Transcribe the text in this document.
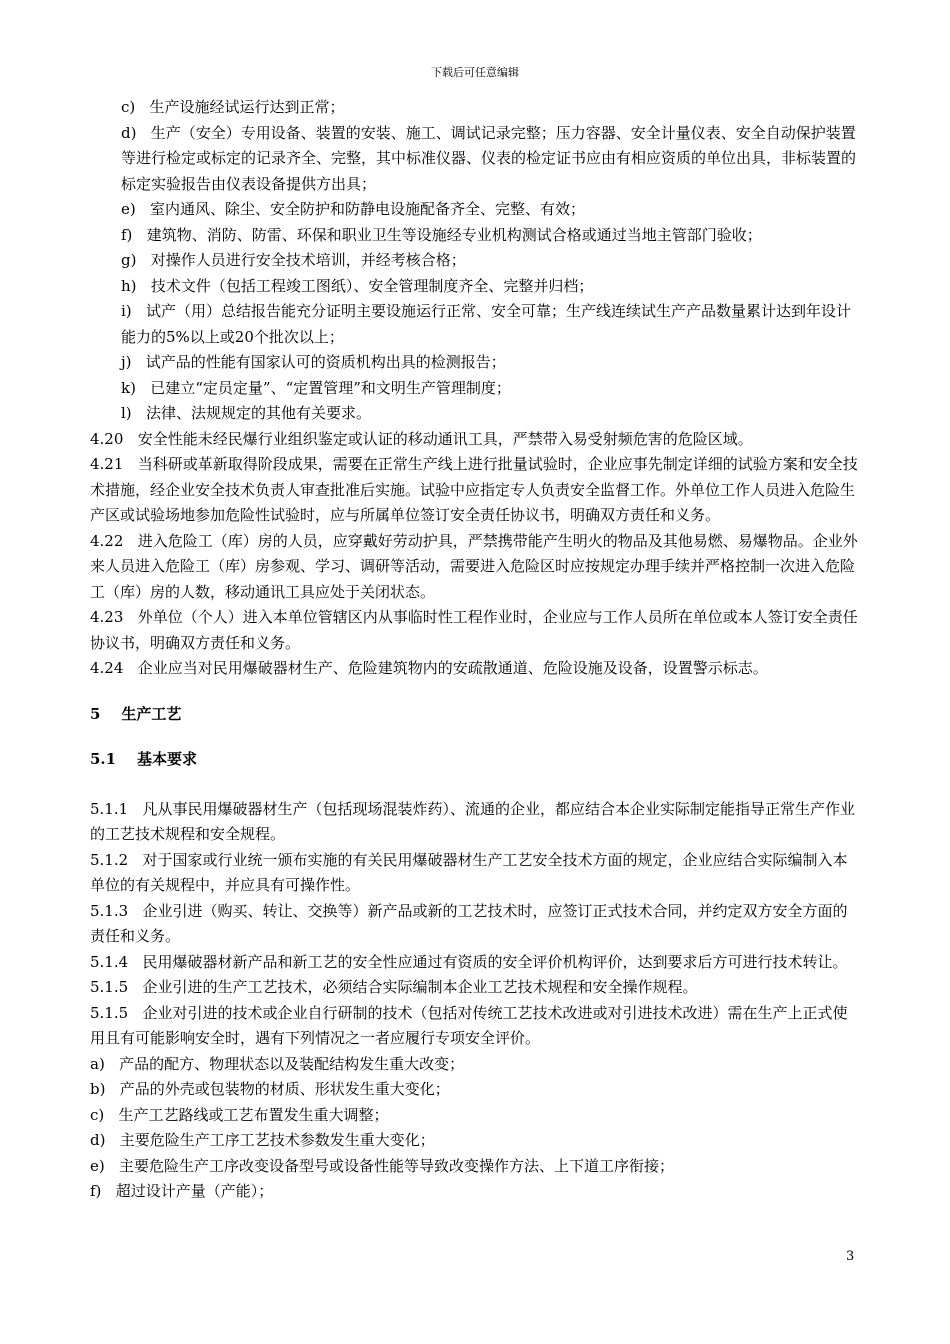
下载后可任意编辑

c)   生产设施经试运行达到正常；

d)   生产（安全）专用设备、装置的安装、施工、调试记录完整；压力容器、安全计量仪表、安全自动保护装置等进行检定或标定的记录齐全、完整，其中标准仪器、仪表的检定证书应由有相应资质的单位出具，非标装置的标定实验报告由仪表设备提供方出具；

e)   室内通风、除尘、安全防护和防静电设施配备齐全、完整、有效；

f)   建筑物、消防、防雷、环保和职业卫生等设施经专业机构测试合格或通过当地主管部门验收；

g)   对操作人员进行安全技术培训，并经考核合格；

h)   技术文件（包括工程竣工图纸）、安全管理制度齐全、完整并归档；

i)   试产（用）总结报告能充分证明主要设施运行正常、安全可靠；生产线连续试生产产品数量累计达到年设计能力的5%以上或20个批次以上；

j)   试产品的性能有国家认可的资质机构出具的检测报告；

k)   已建立“定员定量”、“定置管理”和文明生产管理制度；

l)   法律、法规规定的其他有关要求。

4.20   安全性能未经民爆行业组织鉴定或认证的移动通讯工具，严禁带入易受射频危害的危险区域。

4.21   当科研或革新取得阶段成果，需要在正常生产线上进行批量试验时，企业应事先制定详细的试验方案和安全技术措施，经企业安全技术负责人审查批准后实施。试验中应指定专人负责安全监督工作。外单位工作人员进入危险生产区或试验场地参加危险性试验时，应与所属单位签订安全责任协议书，明确双方责任和义务。

4.22   进入危险工（库）房的人员，应穿戴好劳动护具，严禁携带能产生明火的物品及其他易燃、易爆物品。企业外来人员进入危险工（库）房参观、学习、调研等活动，需要进入危险区时应按规定办理手续并严格控制一次进入危险工（库）房的人数，移动通讯工具应处于关闭状态。

4.23   外单位（个人）进入本单位管辖区内从事临时性工程作业时，企业应与工作人员所在单位或本人签订安全责任协议书，明确双方责任和义务。

4.24   企业应当对民用爆破器材生产、危险建筑物内的安疏散通道、危险设施及设备，设置警示标志。

5    生产工艺

5.1    基本要求

5.1.1   凡从事民用爆破器材生产（包括现场混装炸药）、流通的企业，都应结合本企业实际制定能指导正常生产作业的工艺技术规程和安全规程。

5.1.2   对于国家或行业统一颁布实施的有关民用爆破器材生产工艺安全技术方面的规定，企业应结合实际编制入本单位的有关规程中，并应具有可操作性。

5.1.3   企业引进（购买、转让、交换等）新产品或新的工艺技术时，应签订正式技术合同，并约定双方安全方面的责任和义务。

5.1.4   民用爆破器材新产品和新工艺的安全性应通过有资质的安全评价机构评价，达到要求后方可进行技术转让。

5.1.5   企业引进的生产工艺技术，必须结合实际编制本企业工艺技术规程和安全操作规程。

5.1.5   企业对引进的技术或企业自行研制的技术（包括对传统工艺技术改进或对引进技术改进）需在生产上正式使用且有可能影响安全时，遇有下列情况之一者应履行专项安全评价。

a)   产品的配方、物理状态以及装配结构发生重大改变；

b)   产品的外壳或包装物的材质、形状发生重大变化；

c)   生产工艺路线或工艺布置发生重大调整；

d)   主要危险生产工序工艺技术参数发生重大变化；

e)   主要危险生产工序改变设备型号或设备性能等导致改变操作方法、上下道工序衔接；

f)   超过设计产量（产能）；

3
